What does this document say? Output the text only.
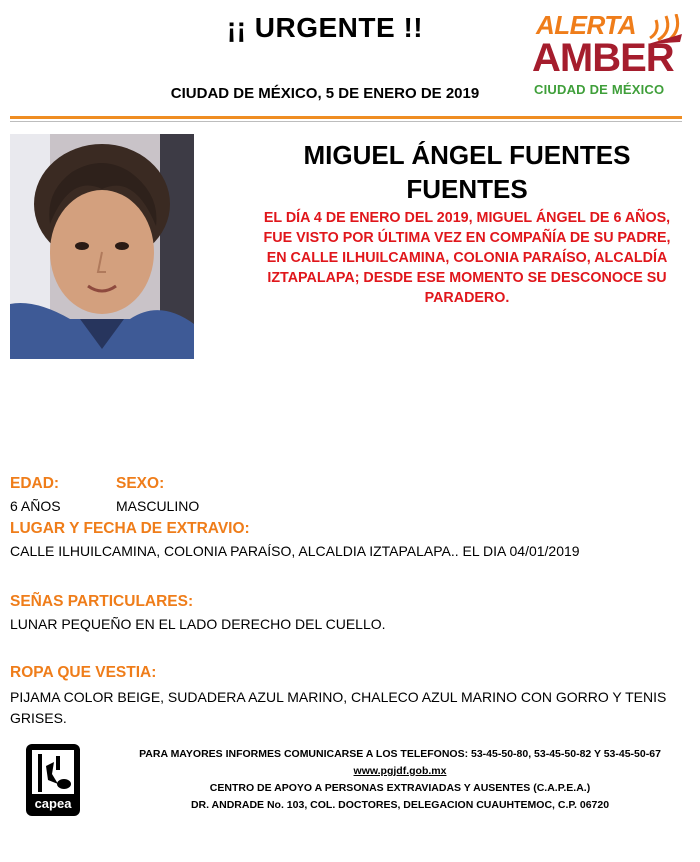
¡¡ URGENTE !!
CIUDAD DE MÉXICO, 5 DE ENERO DE 2019
ALERTA
AMBER
CIUDAD DE MÉXICO
MIGUEL ÁNGEL FUENTES
FUENTES
EL DÍA 4 DE ENERO DEL 2019, MIGUEL ÁNGEL DE 6 AÑOS,
FUE VISTO POR ÚLTIMA VEZ EN COMPAÑÍA DE SU PADRE,
EN CALLE ILHUILCAMINA, COLONIA PARAÍSO, ALCALDÍA
IZTAPALAPA; DESDE ESE MOMENTO SE DESCONOCE SU
PARADERO.
EDAD:
6 AÑOS
SEXO:
MASCULINO
LUGAR Y FECHA DE EXTRAVIO:
CALLE ILHUILCAMINA, COLONIA PARAÍSO, ALCALDIA IZTAPALAPA.. EL DIA 04/01/2019
SEÑAS PARTICULARES:
LUNAR PEQUEÑO EN EL LADO DERECHO DEL CUELLO.
ROPA QUE VESTIA:
PIJAMA COLOR BEIGE, SUDADERA AZUL MARINO, CHALECO AZUL MARINO CON GORRO Y TENIS
GRISES.
capea
PARA MAYORES INFORMES COMUNICARSE A LOS TELEFONOS: 53-45-50-80, 53-45-50-82 Y 53-45-50-67
www.pgjdf.gob.mx
CENTRO DE APOYO A PERSONAS EXTRAVIADAS Y AUSENTES (C.A.P.E.A.)
DR. ANDRADE No. 103, COL. DOCTORES, DELEGACION CUAUHTEMOC, C.P. 06720
